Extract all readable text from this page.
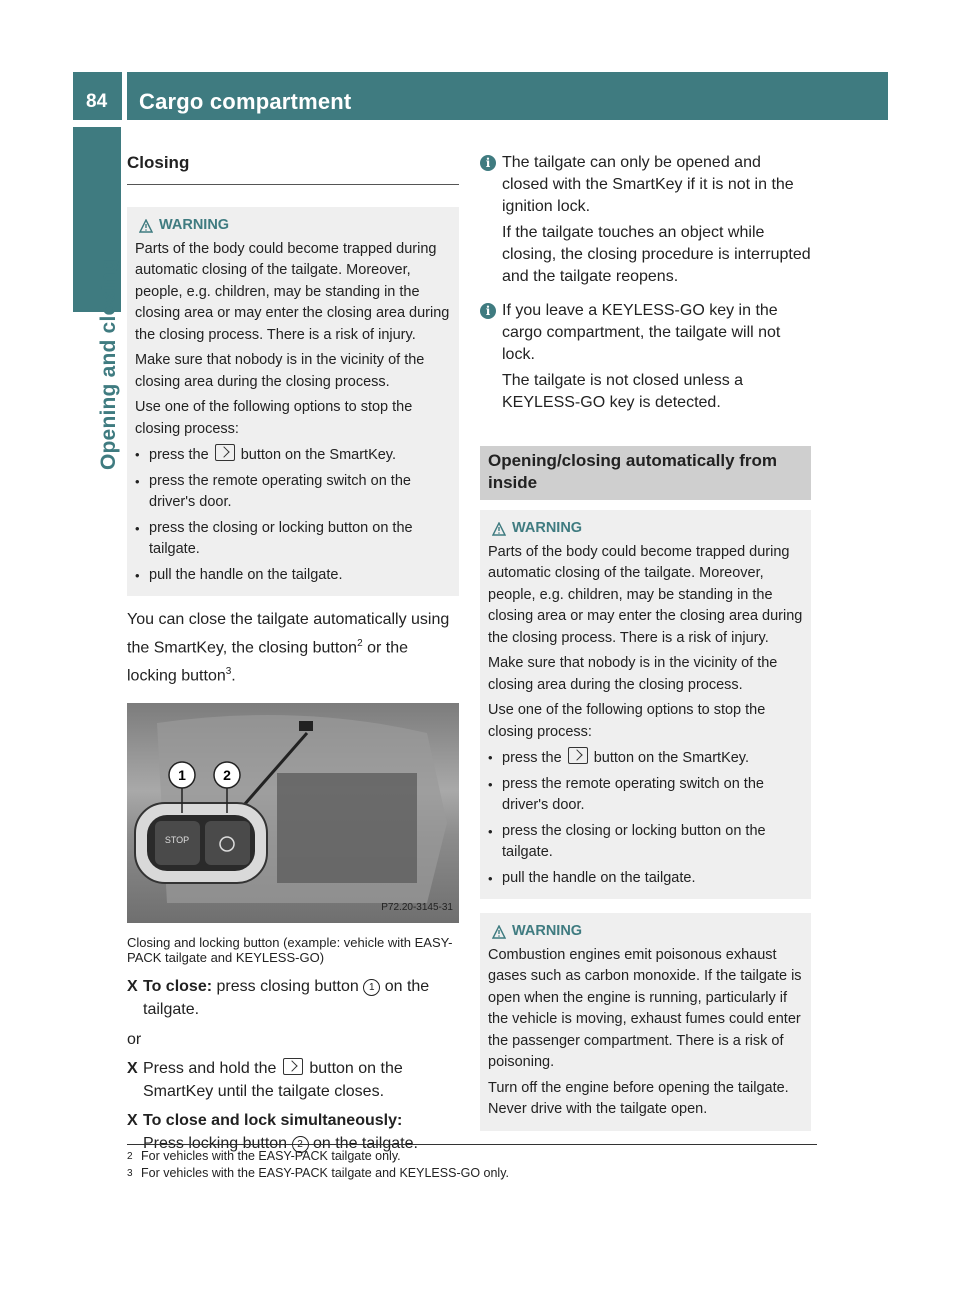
84 Cargo compartment
Opening and closing
Closing
WARNING

Parts of the body could become trapped during automatic closing of the tailgate. Moreover, people, e.g. children, may be standing in the closing area or may enter the closing area during the closing process. There is a risk of injury.

Make sure that nobody is in the vicinity of the closing area during the closing process.

Use one of the following options to stop the closing process:

• press the button on the SmartKey.
• press the remote operating switch on the driver's door.
• press the closing or locking button on the tailgate.
• pull the handle on the tailgate.

You can close the tailgate automatically using the SmartKey, the closing button$^2$ or the locking button$^3$.

STOP
1	2
P72.20-3145-31
Closing and locking button (example: vehicle with EASY-PACK tailgate and KEYLESS-GO)
X To close: press closing button 1 on the tailgate.
or
X Press and hold the  button on the SmartKey until the tailgate closes.
X To close and lock simultaneously:
Press locking button 2 on the tailgate.
i The tailgate can only be opened and closed with the SmartKey if it is not in the ignition lock.

If the tailgate touches an object while closing, the closing procedure is interrupted and the tailgate reopens.

i If you leave a KEYLESS-GO key in the cargo compartment, the tailgate will not lock.

The tailgate is not closed unless a KEYLESS-GO key is detected.

Opening/closing automatically from inside
WARNING

Parts of the body could become trapped during automatic closing of the tailgate. Moreover, people, e.g. children, may be standing in the closing area or may enter the closing area during the closing process. There is a risk of injury.

Make sure that nobody is in the vicinity of the closing area during the closing process.

Use one of the following options to stop the closing process:

• press the button on the SmartKey.
• press the remote operating switch on the driver's door.
• press the closing or locking button on the tailgate.
• pull the handle on the tailgate.
WARNING

Combustion engines emit poisonous exhaust gases such as carbon monoxide. If the tailgate is open when the engine is running, particularly if the vehicle is moving, exhaust fumes could enter the passenger compartment. There is a risk of poisoning.

Turn off the engine before opening the tailgate. Never drive with the tailgate open.

2 For vehicles with the EASY-PACK tailgate only.
3 For vehicles with the EASY-PACK tailgate and KEYLESS-GO only.
